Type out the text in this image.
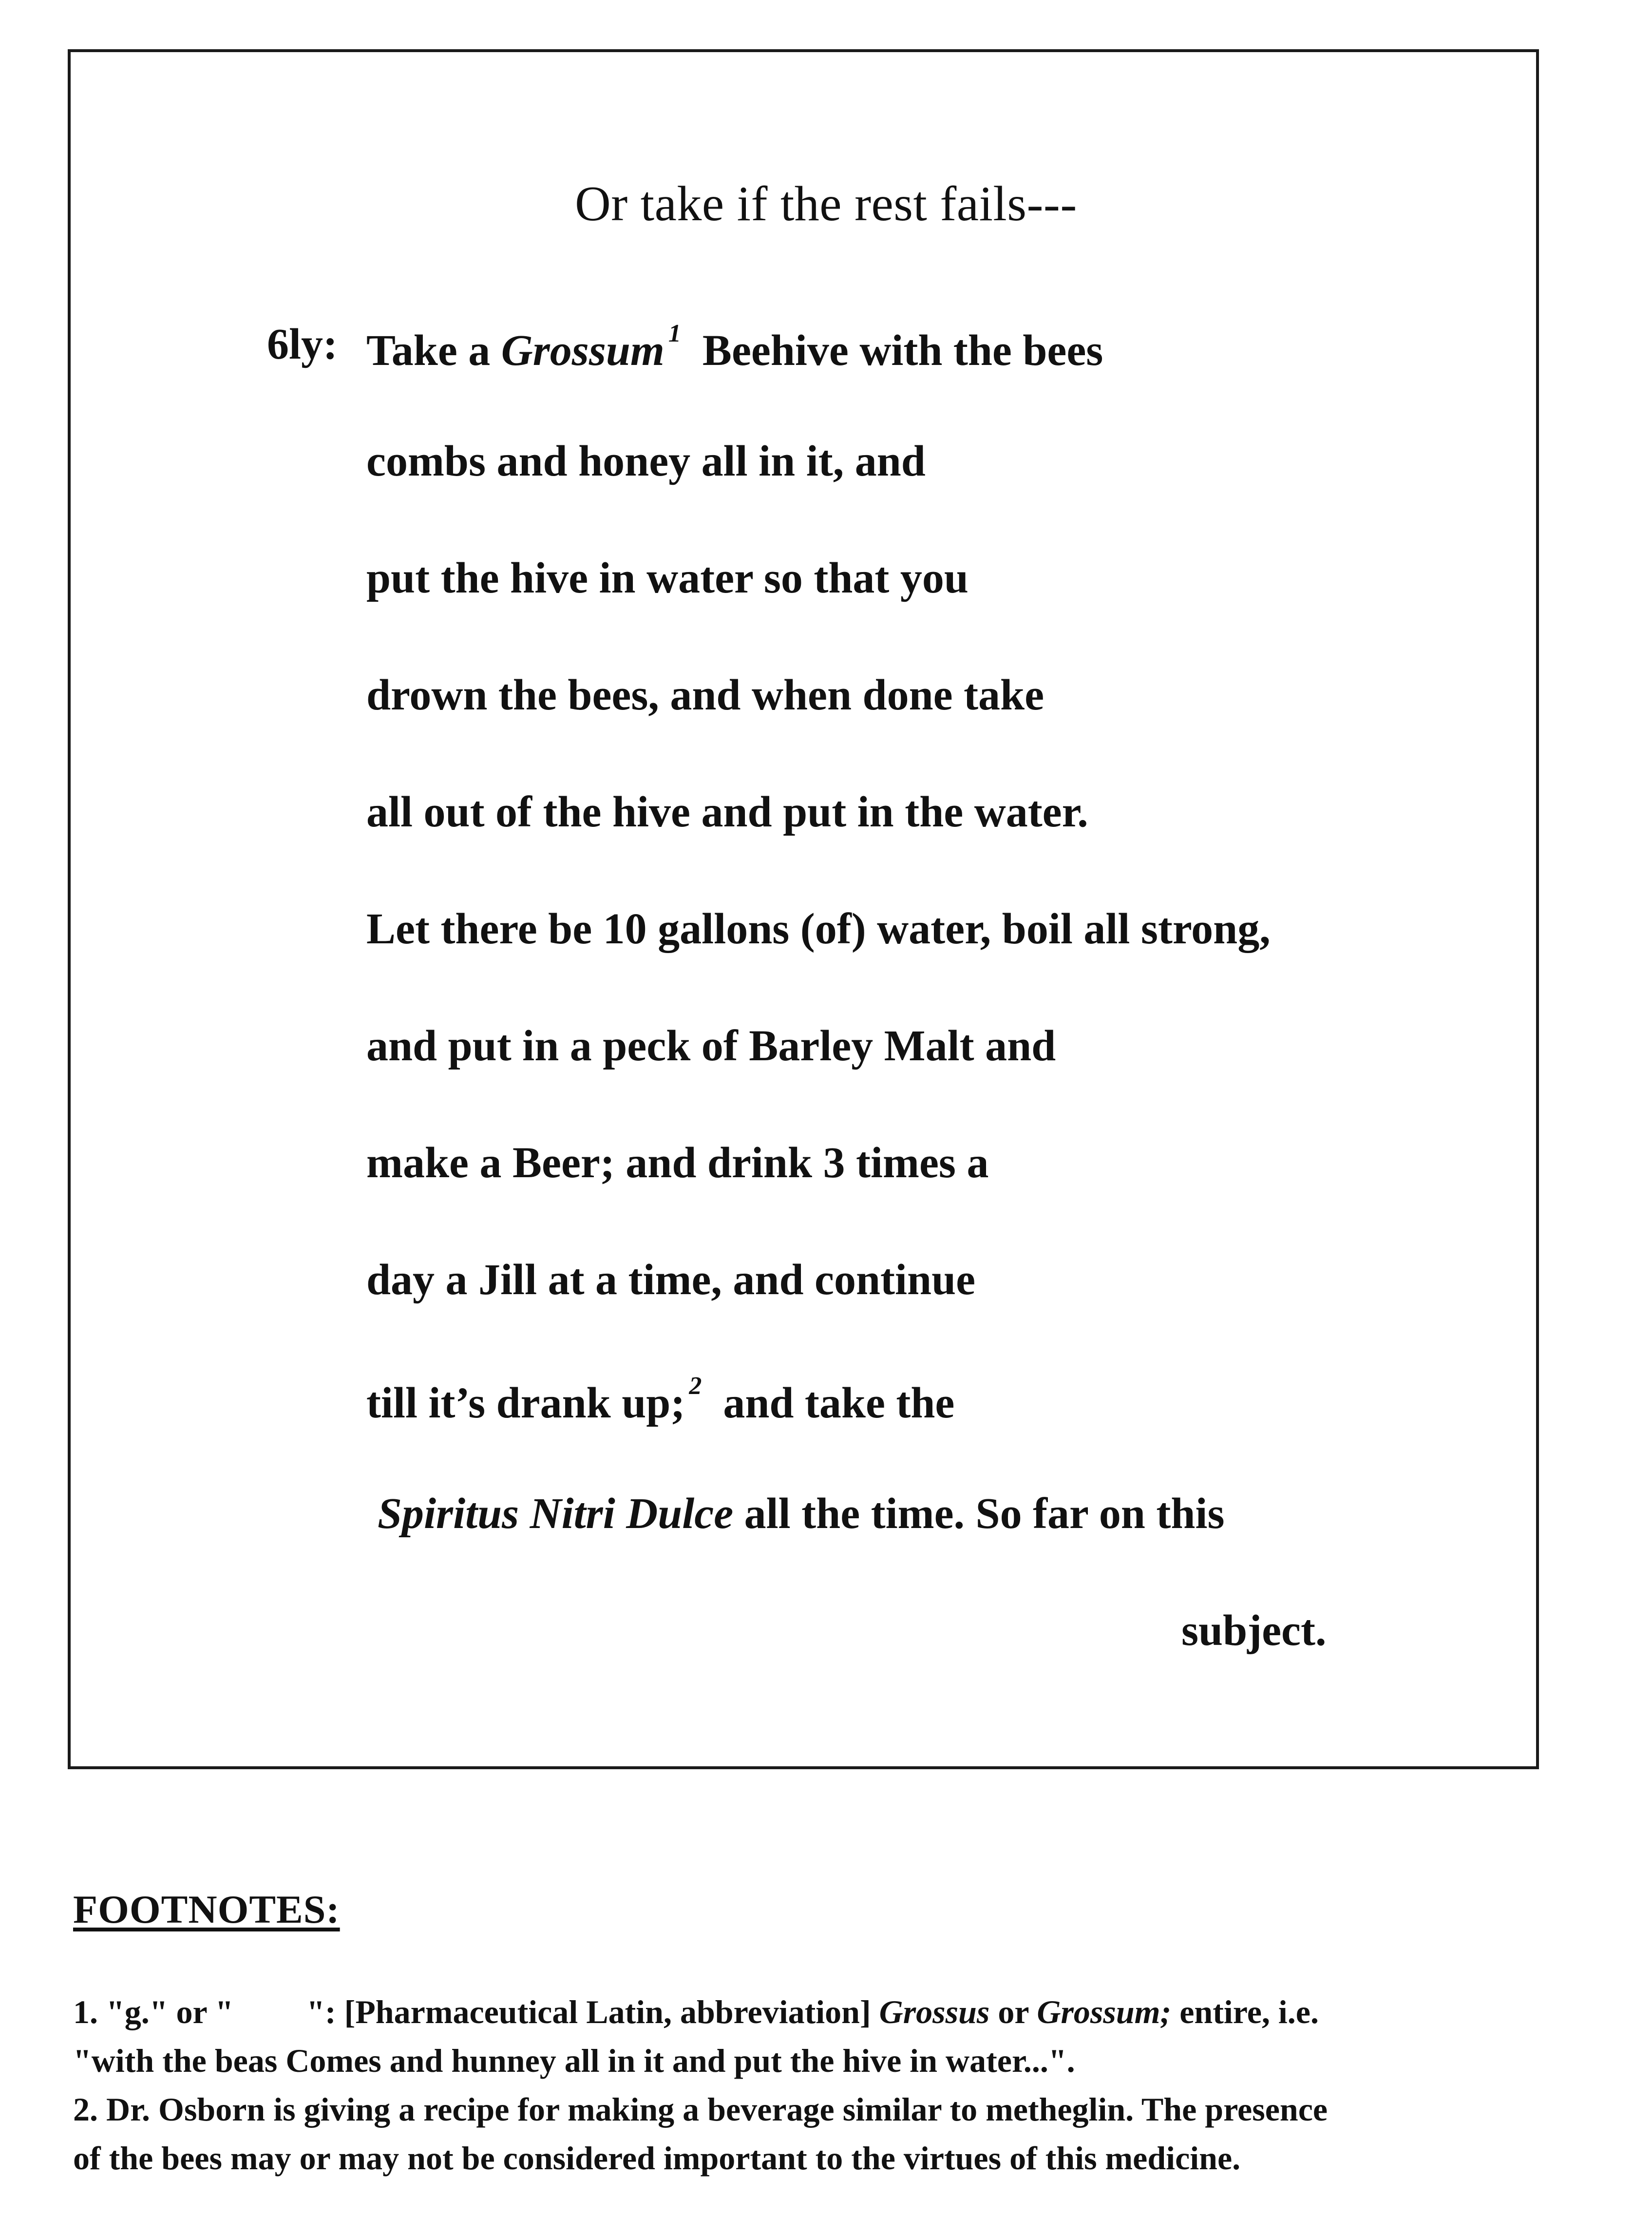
Or take if the rest fails---
6ly: Take a Grossum $^1$ Beehive with the bees
combs and honey all in it, and
put the hive in water so that you
drown the bees, and when done take
all out of the hive and put in the water.
Let there be 10 gallons (of) water, boil all strong,
and put in a peck of Barley Malt and
make a Beer; and drink 3 times a
day a Jill at a time, and continue
till it’s drank up; $^2$ and take the
Spiritus Nitri Dulce all the time. So far on this
subject.
FOOTNOTES:
1. "g." or " ": [Pharmaceutical Latin, abbreviation] Grossus or Grossum; entire, i.e.
"with the beas Comes and hunney all in it and put the hive in water...".
2. Dr. Osborn is giving a recipe for making a beverage similar to metheglin. The presence
of the bees may or may not be considered important to the virtues of this medicine.
